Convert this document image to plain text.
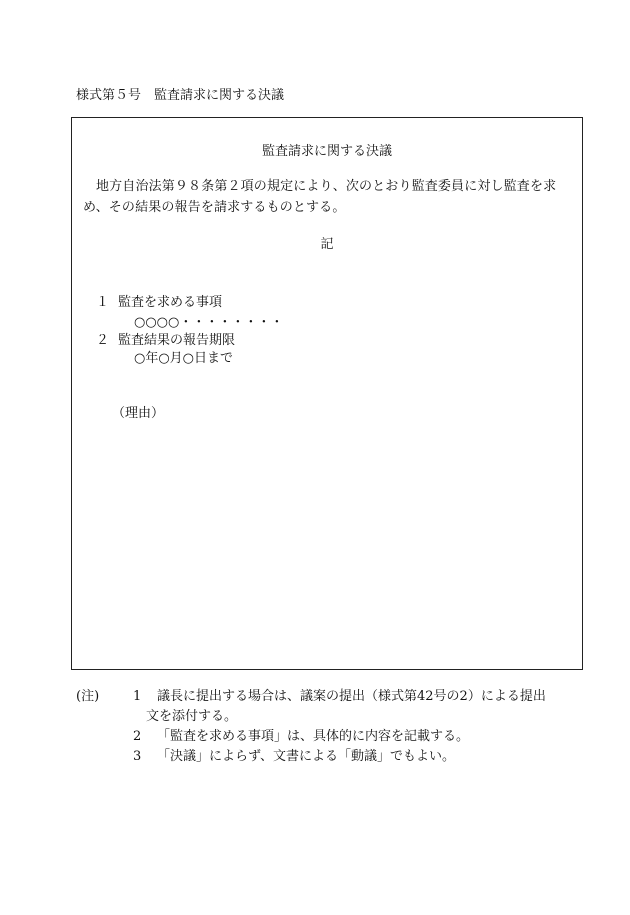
様式第５号　監査請求に関する決議
監査請求に関する決議
地方自治法第９８条第２項の規定により、次のとおり監査委員に対し監査を求め、その結果の報告を請求するものとする。
記
１ 監査を求める事項
○○○○・・・・・・・・
２ 監査結果の報告期限
○年○月○日まで
（理由）
(注)	1 議長に提出する場合は、議案の提出（様式第42号の2）による提出
文を添付する。
2 「監査を求める事項」は、具体的に内容を記載する。
3 「決議」によらず、文書による「動議」でもよい。
